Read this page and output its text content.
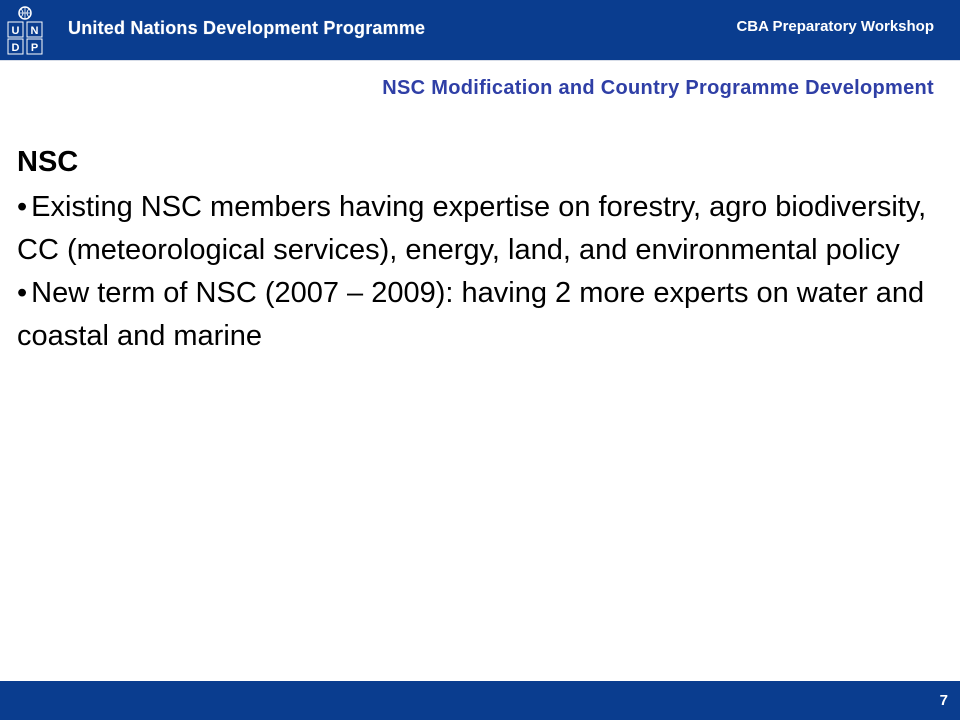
U N
D P
United Nations Development Programme	CBA Preparatory Workshop
NSC Modification and Country Programme Development
NSC

• Existing NSC members having expertise on forestry, agro biodiversity, CC (meteorological services), energy, land, and environmental policy

• New term of NSC (2007 – 2009): having 2 more experts on water and coastal and marine

7
